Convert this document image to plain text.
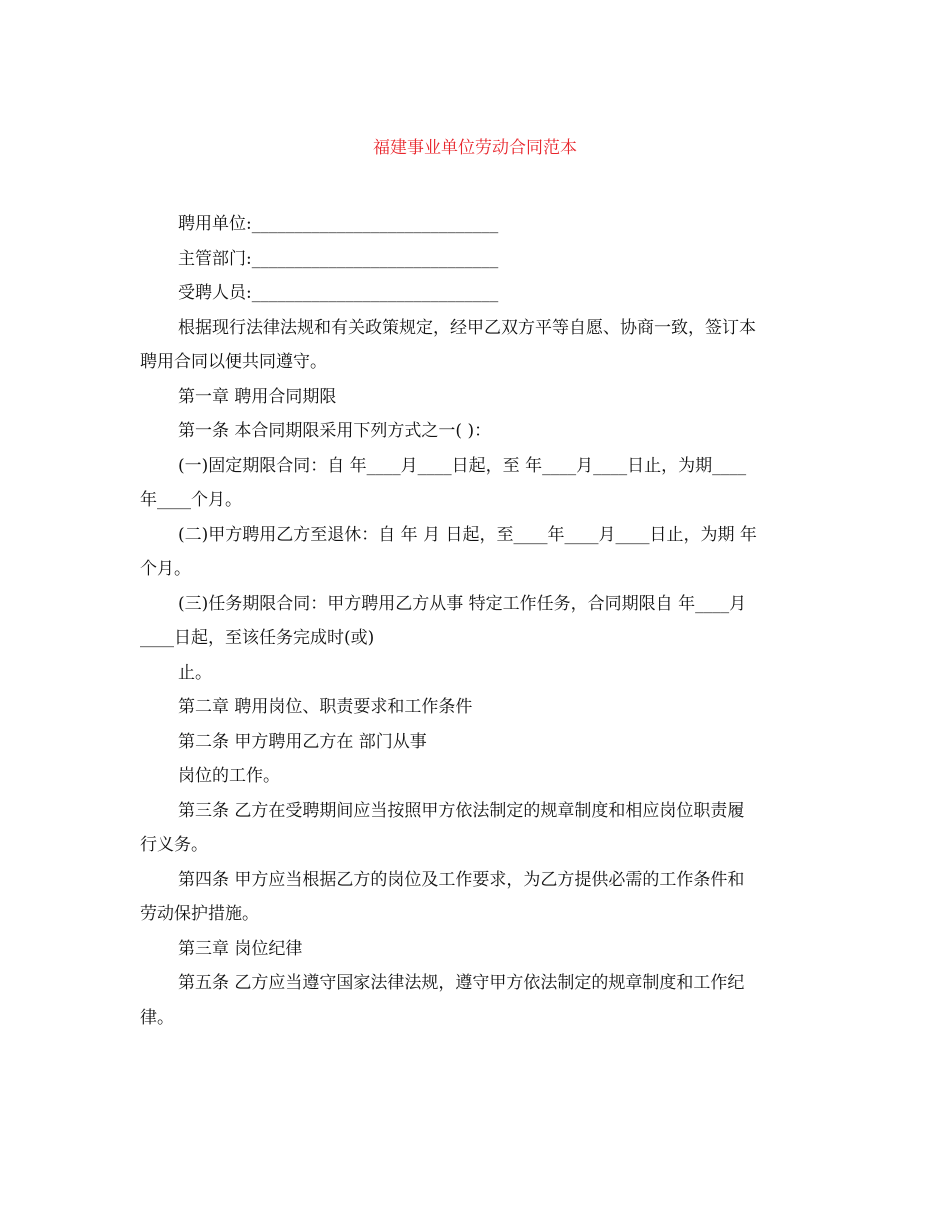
福建事业单位劳动合同范本

聘用单位:_____________________________

主管部门:_____________________________

受聘人员:_____________________________

根据现行法律法规和有关政策规定，经甲乙双方平等自愿、协商一致，签订本

聘用合同以便共同遵守。

第一章 聘用合同期限

第一条 本合同期限采用下列方式之一( )：

(一)固定期限合同：自 年____月____日起，至 年____月____日止，为期____

年____个月。

(二)甲方聘用乙方至退休：自 年 月 日起，至____年____月____日止，为期 年

个月。

(三)任务期限合同：甲方聘用乙方从事 特定工作任务，合同期限自 年____月

____日起，至该任务完成时(或)

止。

第二章 聘用岗位、职责要求和工作条件

第二条 甲方聘用乙方在 部门从事

岗位的工作。

第三条 乙方在受聘期间应当按照甲方依法制定的规章制度和相应岗位职责履

行义务。

第四条 甲方应当根据乙方的岗位及工作要求，为乙方提供必需的工作条件和

劳动保护措施。

第三章 岗位纪律

第五条 乙方应当遵守国家法律法规，遵守甲方依法制定的规章制度和工作纪

律。
